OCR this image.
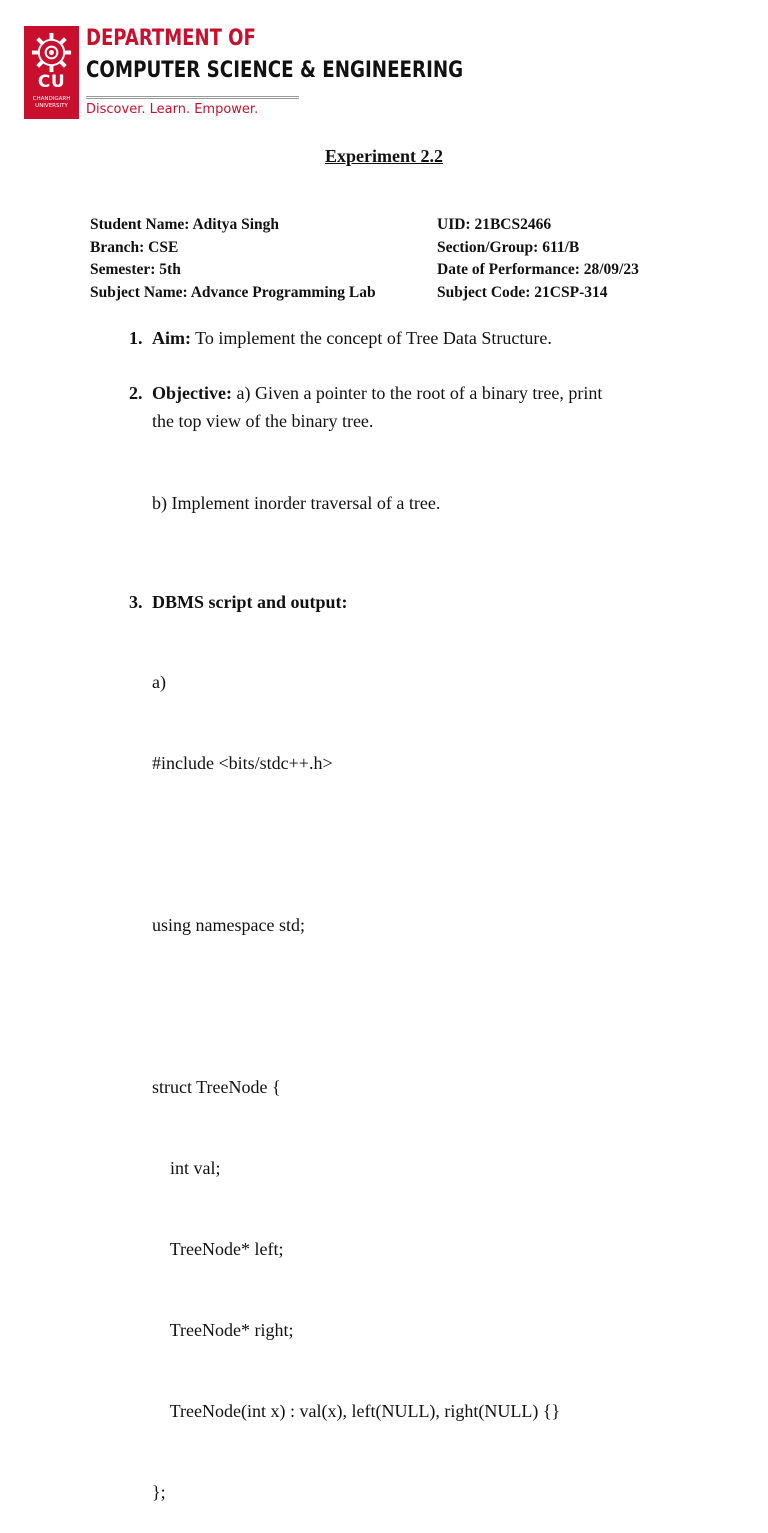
CU
CHANDIGARH UNIVERSITY
DEPARTMENT OF
COMPUTER SCIENCE & ENGINEERING
Discover. Learn. Empower.
Experiment 2.2
Student Name: Aditya Singh
Branch: CSE
Semester: 5th
Subject Name: Advance Programming Lab
UID: 21BCS2466
Section/Group: 611/B
Date of Performance: 28/09/23
Subject Code: 21CSP-314
1. Aim: To implement the concept of Tree Data Structure.
2. Objective: a) Given a pointer to the root of a binary tree, print
the top view of the binary tree.
b) Implement inorder traversal of a tree.
3. DBMS script and output:

a)

#include <bits/stdc++.h>

using namespace std;

struct TreeNode {

int val;

TreeNode* left;

TreeNode* right;

TreeNode(int x) : val(x), left(NULL), right(NULL) {}

};
